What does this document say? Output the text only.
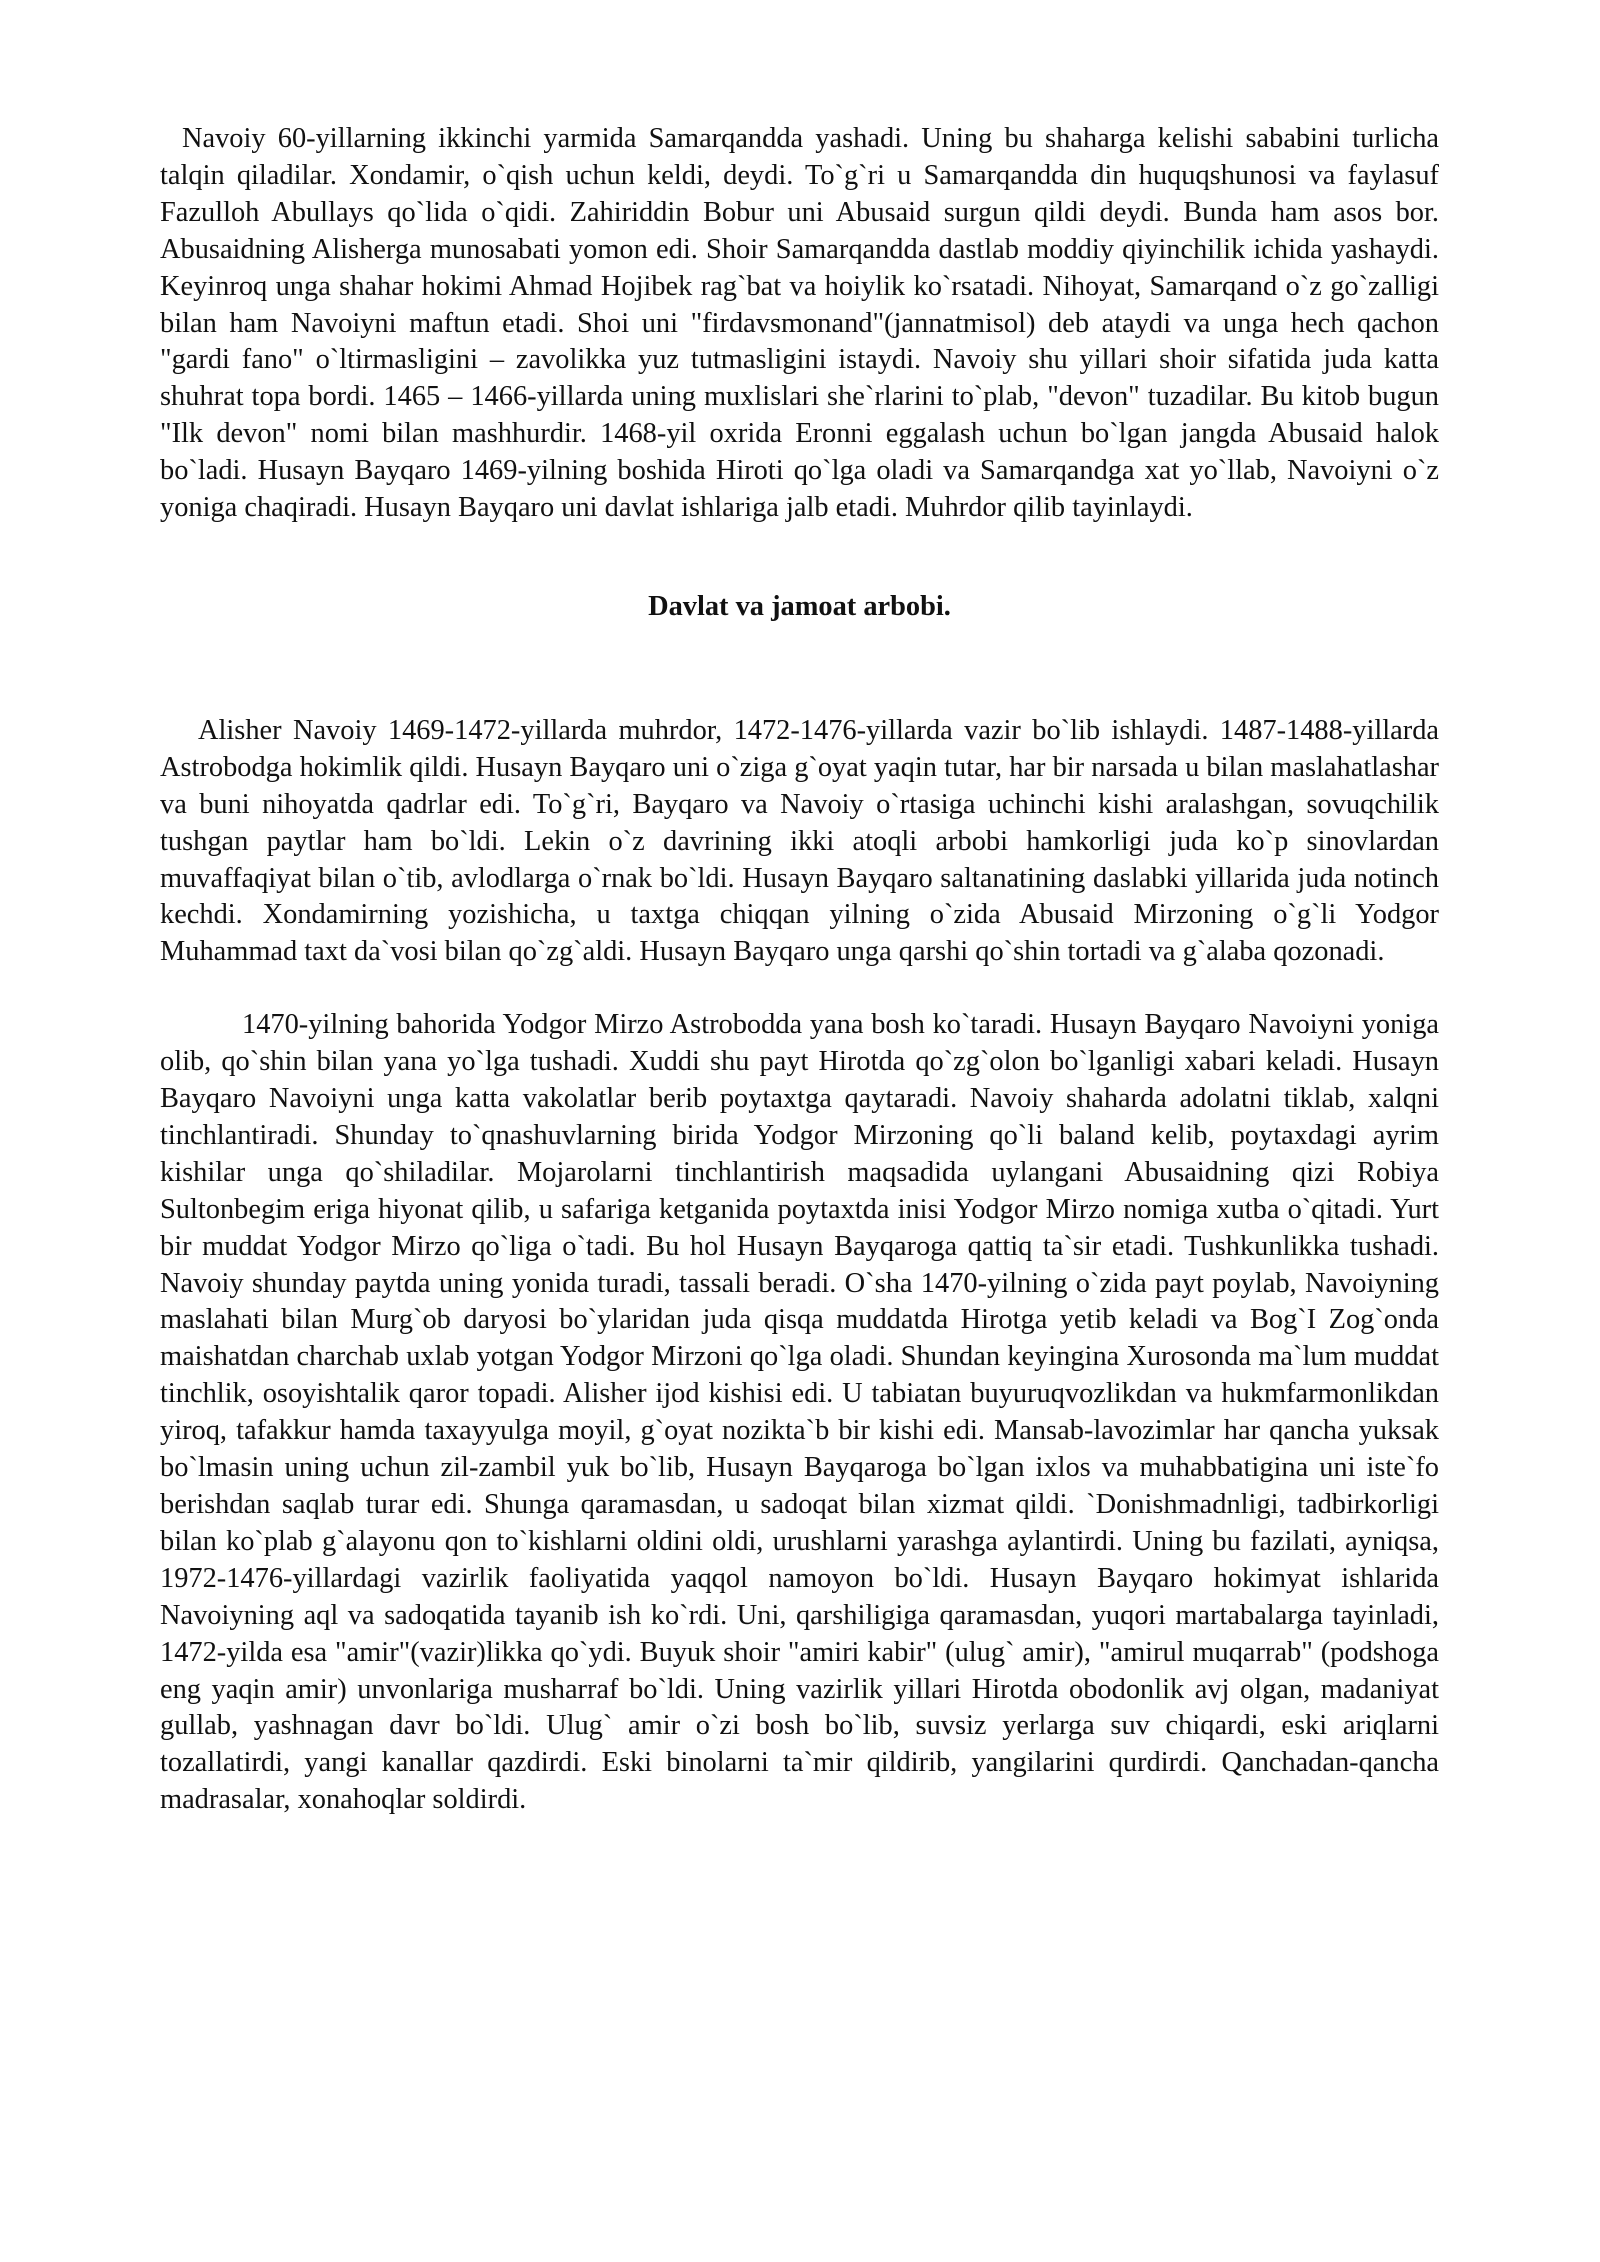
Navoiy 60-yillarning ikkinchi yarmida Samarqandda yashadi. Uning bu shaharga kelishi sababini turlicha talqin qiladilar. Xondamir, o`qish uchun keldi, deydi. To`g`ri u Samarqandda din huquqshunosi va faylasuf Fazulloh Abullays qo`lida o`qidi. Zahiriddin Bobur uni Abusaid surgun qildi deydi. Bunda ham asos bor. Abusaidning Alisherga munosabati yomon edi. Shoir Samarqandda dastlab moddiy qiyinchilik ichida yashaydi. Keyinroq unga shahar hokimi Ahmad Hojibek rag`bat va hoiylik ko`rsatadi. Nihoyat, Samarqand o`z go`zalligi bilan ham Navoiyni maftun etadi. Shoi uni "firdavsmonand"(jannatmisol) deb ataydi va unga hech qachon "gardi fano" o`ltirmasligini – zavolikka yuz tutmasligini istaydi. Navoiy shu yillari shoir sifatida juda katta shuhrat topa bordi. 1465 – 1466-yillarda uning muxlislari she`rlarini to`plab, "devon" tuzadilar. Bu kitob bugun "Ilk devon" nomi bilan mashhurdir. 1468-yil oxrida Eronni eggalash uchun bo`lgan jangda Abusaid halok bo`ladi. Husayn Bayqaro 1469-yilning boshida Hiroti qo`lga oladi va Samarqandga xat yo`llab, Navoiyni o`z yoniga chaqiradi. Husayn Bayqaro uni davlat ishlariga jalb etadi. Muhrdor qilib tayinlaydi.

Davlat va jamoat arbobi.

Alisher Navoiy 1469-1472-yillarda muhrdor, 1472-1476-yillarda vazir bo`lib ishlaydi. 1487-1488-yillarda Astrobodga hokimlik qildi. Husayn Bayqaro uni o`ziga g`oyat yaqin tutar, har bir narsada u bilan maslahatlashar va buni nihoyatda qadrlar edi. To`g`ri, Bayqaro va Navoiy o`rtasiga uchinchi kishi aralashgan, sovuqchilik tushgan paytlar ham bo`ldi. Lekin o`z davrining ikki atoqli arbobi hamkorligi juda ko`p sinovlardan muvaffaqiyat bilan o`tib, avlodlarga o`rnak bo`ldi. Husayn Bayqaro saltanatining daslabki yillarida juda notinch kechdi. Xondamirning yozishicha, u taxtga chiqqan yilning o`zida Abusaid Mirzoning o`g`li Yodgor Muhammad taxt da`vosi bilan qo`zg`aldi. Husayn Bayqaro unga qarshi qo`shin tortadi va g`alaba qozonadi.

1470-yilning bahorida Yodgor Mirzo Astrobodda yana bosh ko`taradi. Husayn Bayqaro Navoiyni yoniga olib, qo`shin bilan yana yo`lga tushadi. Xuddi shu payt Hirotda qo`zg`olon bo`lganligi xabari keladi. Husayn Bayqaro Navoiyni unga katta vakolatlar berib poytaxtga qaytaradi. Navoiy shaharda adolatni tiklab, xalqni tinchlantiradi. Shunday to`qnashuvlarning birida Yodgor Mirzoning qo`li baland kelib, poytaxdagi ayrim kishilar unga qo`shiladilar. Mojarolarni tinchlantirish maqsadida uylangani Abusaidning qizi Robiya Sultonbegim eriga hiyonat qilib, u safariga ketganida poytaxtda inisi Yodgor Mirzo nomiga xutba o`qitadi. Yurt bir muddat Yodgor Mirzo qo`liga o`tadi. Bu hol Husayn Bayqaroga qattiq ta`sir etadi. Tushkunlikka tushadi. Navoiy shunday paytda uning yonida turadi, tassali beradi. O`sha 1470-yilning o`zida payt poylab, Navoiyning maslahati bilan Murg`ob daryosi bo`ylaridan juda qisqa muddatda Hirotga yetib keladi va Bog`I Zog`onda maishatdan charchab uxlab yotgan Yodgor Mirzoni qo`lga oladi. Shundan keyingina Xurosonda ma`lum muddat tinchlik, osoyishtalik qaror topadi. Alisher ijod kishisi edi. U tabiatan buyuruqvozlikdan va hukmfarmonlikdan yiroq, tafakkur hamda taxayyulga moyil, g`oyat nozikta`b bir kishi edi. Mansab-lavozimlar har qancha yuksak bo`lmasin uning uchun zil-zambil yuk bo`lib, Husayn Bayqaroga bo`lgan ixlos va muhabbatigina uni iste`fo berishdan saqlab turar edi. Shunga qaramasdan, u sadoqat bilan xizmat qildi. `Donishmadnligi, tadbirkorligi bilan ko`plab g`alayonu qon to`kishlarni oldini oldi, urushlarni yarashga aylantirdi. Uning bu fazilati, ayniqsa, 1972-1476-yillardagi vazirlik faoliyatida yaqqol namoyon bo`ldi. Husayn Bayqaro hokimyat ishlarida Navoiyning aql va sadoqatida tayanib ish ko`rdi. Uni, qarshiligiga qaramasdan, yuqori martabalarga tayinladi, 1472-yilda esa "amir"(vazir)likka qo`ydi. Buyuk shoir "amiri kabir" (ulug` amir), "amirul muqarrab" (podshoga eng yaqin amir) unvonlariga musharraf bo`ldi. Uning vazirlik yillari Hirotda obodonlik avj olgan, madaniyat gullab, yashnagan davr bo`ldi. Ulug` amir o`zi bosh bo`lib, suvsiz yerlarga suv chiqardi, eski ariqlarni tozallatirdi, yangi kanallar qazdirdi. Eski binolarni ta`mir qildirib, yangilarini qurdirdi. Qanchadan-qancha madrasalar, xonahoqlar soldirdi.
